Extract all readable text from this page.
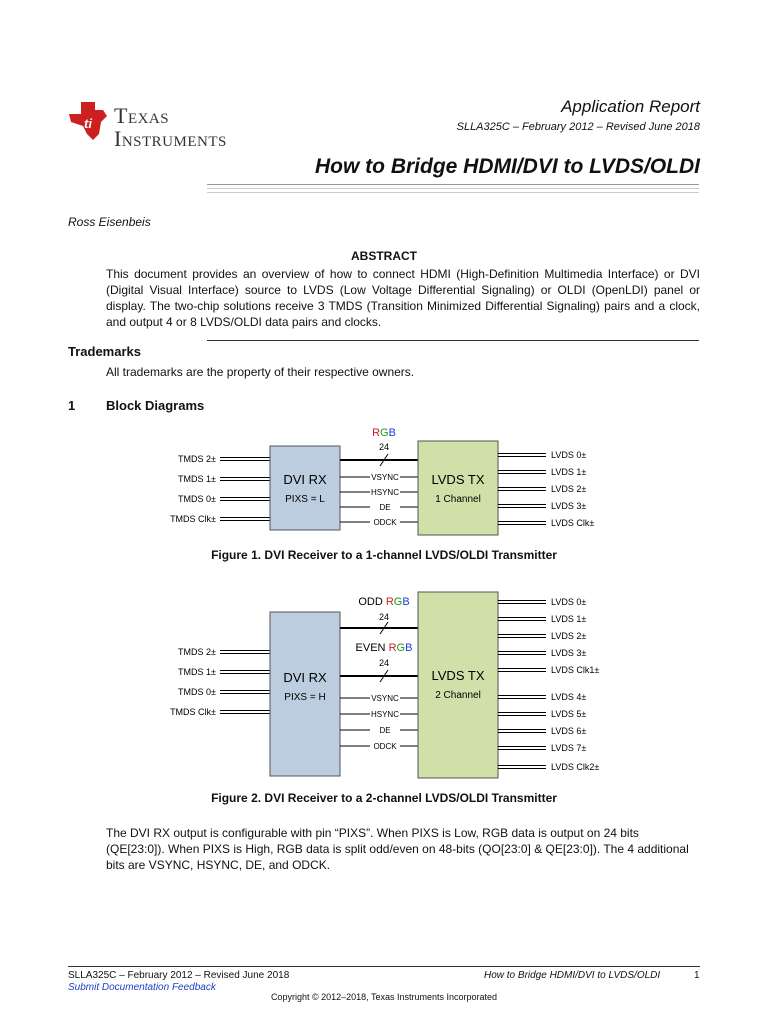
ti Texas
Instruments
Application Report
SLLA325C – February 2012 – Revised June 2018
How to Bridge HDMI/DVI to LVDS/OLDI
Ross Eisenbeis
ABSTRACT

This document provides an overview of how to connect HDMI (High-Definition Multimedia Interface) or DVI (Digital Visual Interface) source to LVDS (Low Voltage Differential Signaling) or OLDI (OpenLDI) panel or display. The two-chip solutions receive 3 TMDS (Transition Minimized Differential Signaling) pairs and a clock, and output 4 or 8 LVDS/OLDI data pairs and clocks.

Trademarks
All trademarks are the property of their respective owners.
1 Block Diagrams
TMDS 2±
TMDS 1±
TMDS 0±
TMDS Clk±
DVI RX
PIXS = L
RGB
24
VSYNC
HSYNC
DE
ODCK
LVDS TX
1 Channel
LVDS 0±
LVDS 1±
LVDS 2±
LVDS 3±
LVDS Clk±
Figure 1. DVI Receiver to a 1-channel LVDS/OLDI Transmitter
TMDS 2±
TMDS 1±
TMDS 0±
TMDS Clk±
DVI RX
PIXS = H
ODD RGB
24
EVEN RGB
24
VSYNC
HSYNC
DE
ODCK
LVDS TX
2 Channel
LVDS 0±
LVDS 1±
LVDS 2±
LVDS 3±
LVDS Clk1±
LVDS 4±
LVDS 5±
LVDS 6±
LVDS 7±
LVDS Clk2±
Figure 2. DVI Receiver to a 2-channel LVDS/OLDI Transmitter

The DVI RX output is configurable with pin “PIXS”. When PIXS is Low, RGB data is output on 24 bits (QE[23:0]). When PIXS is High, RGB data is split odd/even on 48-bits (QO[23:0] & QE[23:0]). The 4 additional bits are VSYNC, HSYNC, DE, and ODCK.

SLLA325C – February 2012 – Revised June 2018	How to Bridge HDMI/DVI to LVDS/OLDI	1
Submit Documentation Feedback
Copyright © 2012–2018, Texas Instruments Incorporated
